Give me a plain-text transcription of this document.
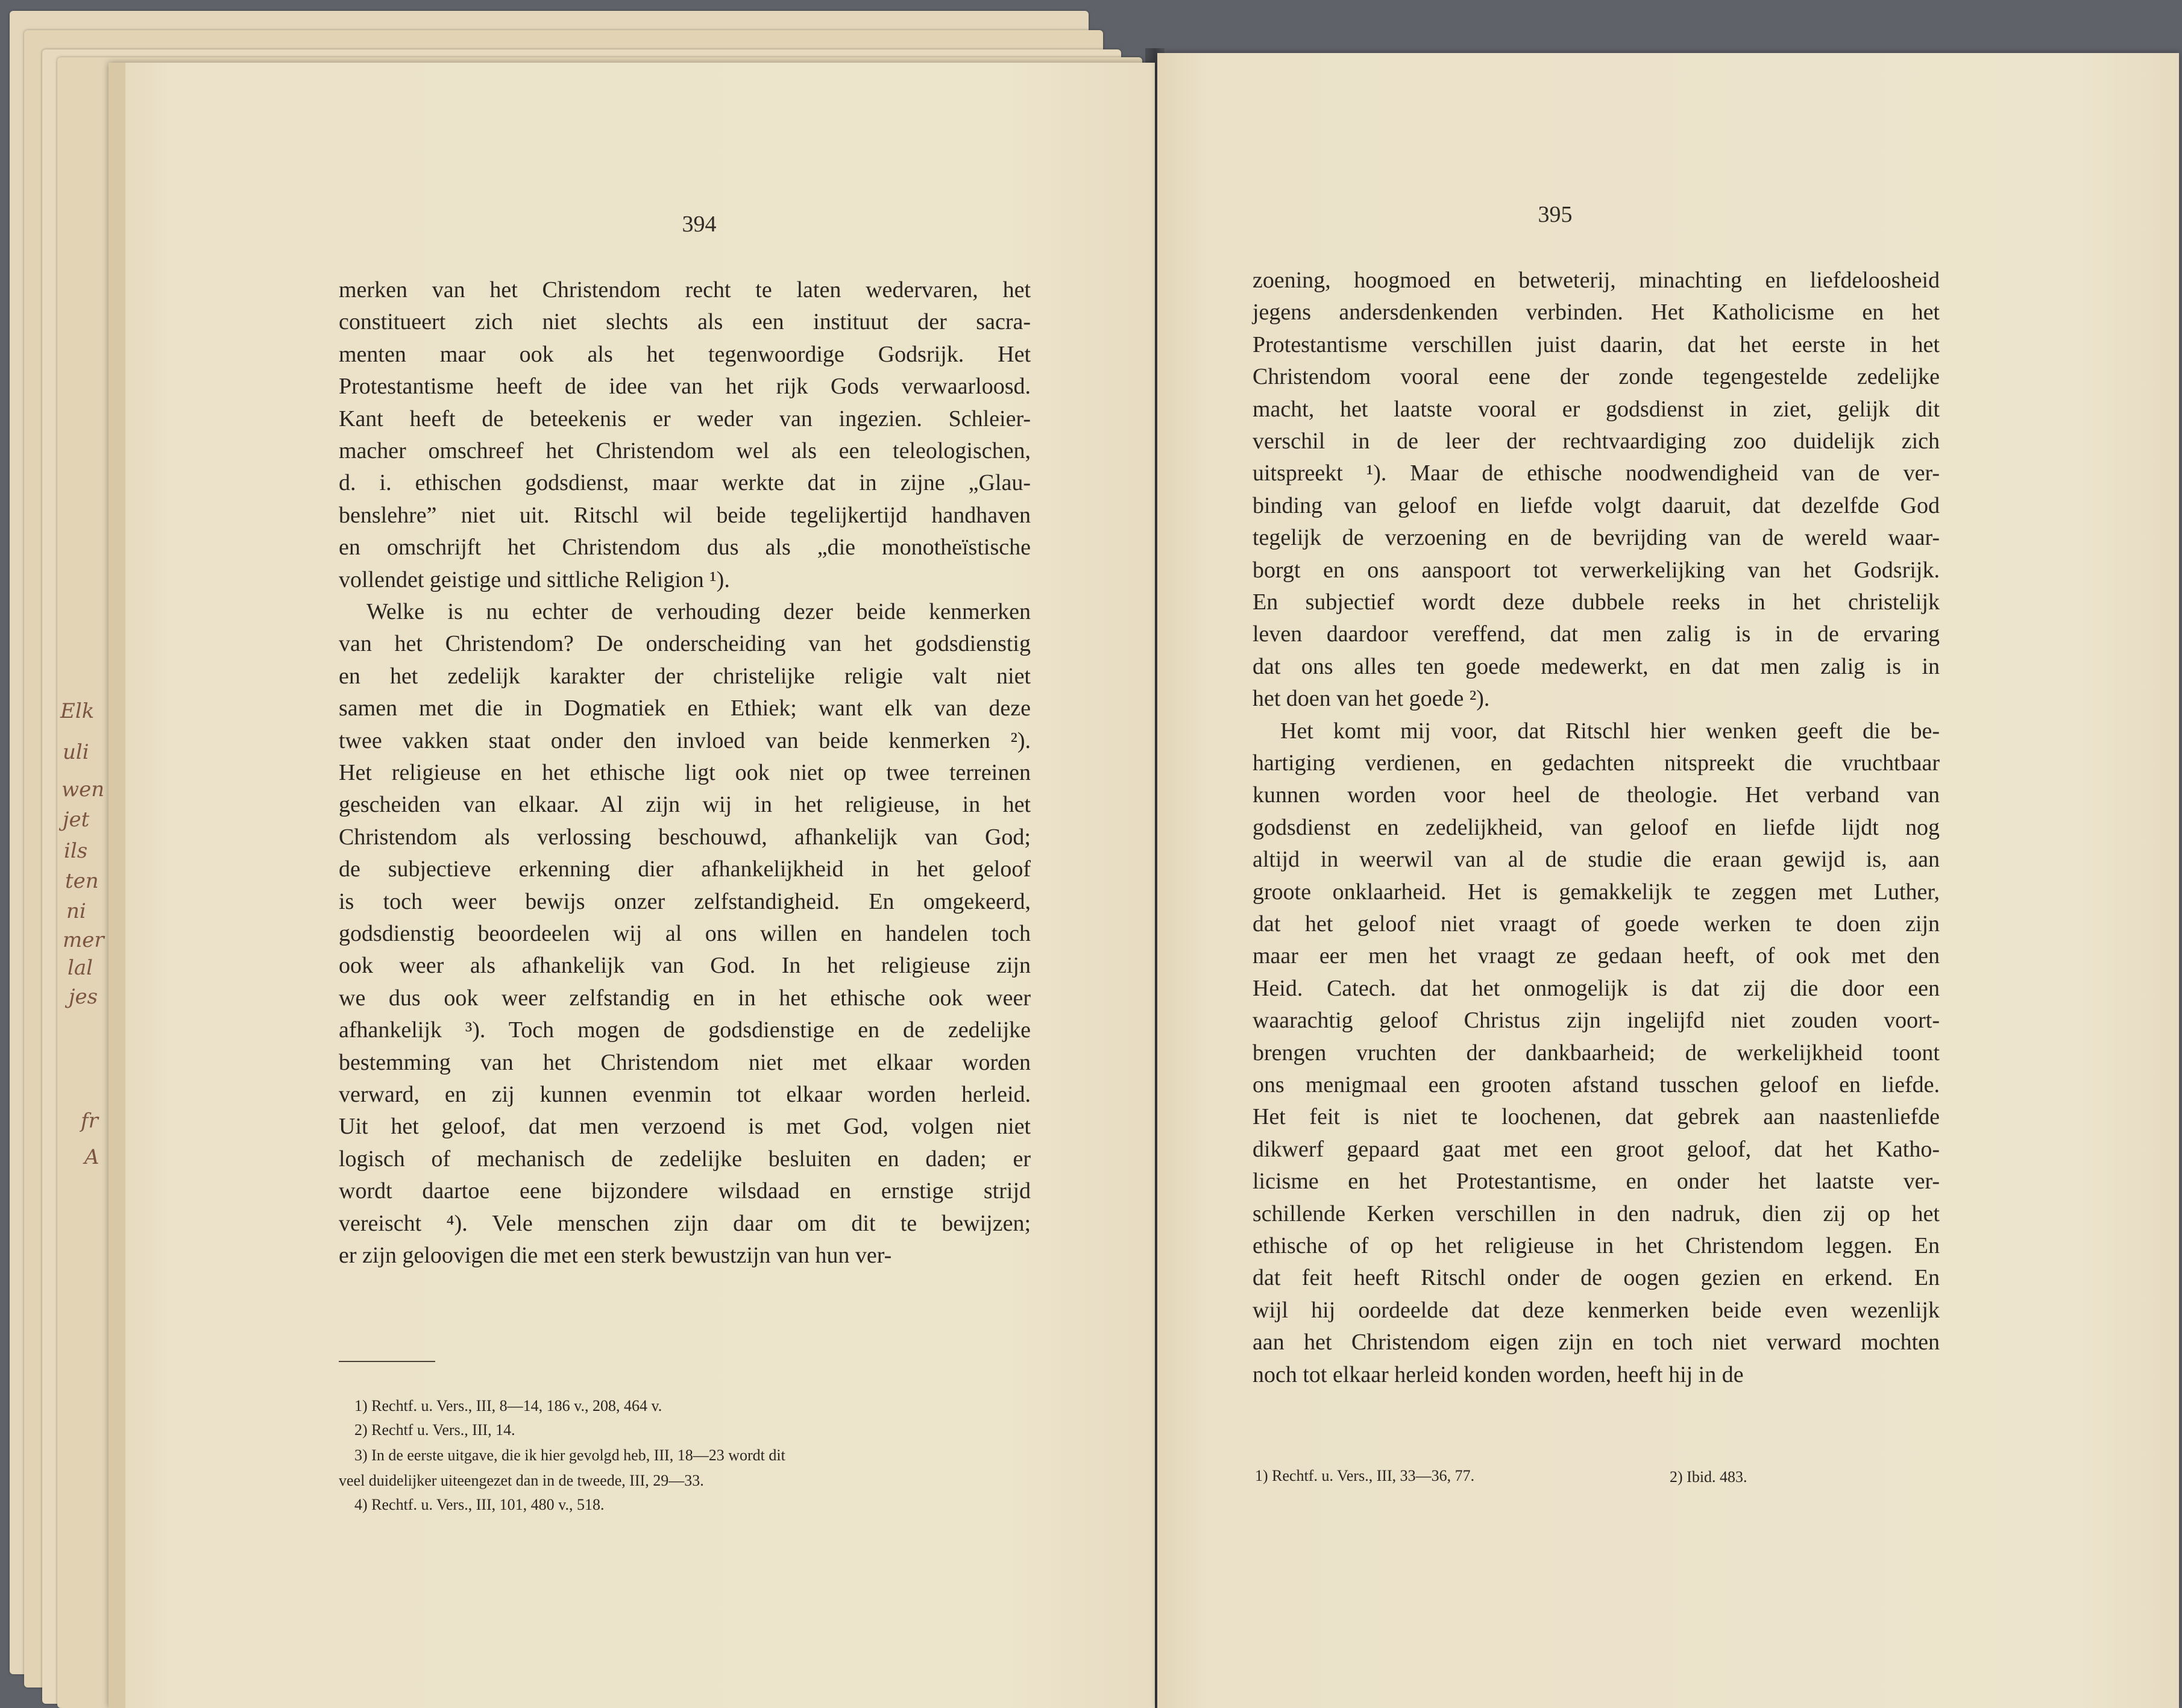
Elk
uli
wen
jet
ils
ten
ni
mer
lal
jes
fr
A
394
merken van het Christendom recht te laten wedervaren, het
constitueert zich niet slechts als een instituut der sacra-
menten maar ook als het tegenwoordige Godsrijk. Het
Protestantisme heeft de idee van het rijk Gods verwaarloosd.
Kant heeft de beteekenis er weder van ingezien. Schleier-
macher omschreef het Christendom wel als een teleologischen,
d. i. ethischen godsdienst, maar werkte dat in zijne „Glau-
benslehre” niet uit. Ritschl wil beide tegelijkertijd handhaven
en omschrijft het Christendom dus als „die monotheïstische
vollendet geistige und sittliche Religion ¹).
Welke is nu echter de verhouding dezer beide kenmerken
van het Christendom? De onderscheiding van het godsdienstig
en het zedelijk karakter der christelijke religie valt niet
samen met die in Dogmatiek en Ethiek; want elk van deze
twee vakken staat onder den invloed van beide kenmerken ²).
Het religieuse en het ethische ligt ook niet op twee terreinen
gescheiden van elkaar. Al zijn wij in het religieuse, in het
Christendom als verlossing beschouwd, afhankelijk van God;
de subjectieve erkenning dier afhankelijkheid in het geloof
is toch weer bewijs onzer zelfstandigheid. En omgekeerd,
godsdienstig beoordeelen wij al ons willen en handelen toch
ook weer als afhankelijk van God. In het religieuse zijn
we dus ook weer zelfstandig en in het ethische ook weer
afhankelijk ³). Toch mogen de godsdienstige en de zedelijke
bestemming van het Christendom niet met elkaar worden
verward, en zij kunnen evenmin tot elkaar worden herleid.
Uit het geloof, dat men verzoend is met God, volgen niet
logisch of mechanisch de zedelijke besluiten en daden; er
wordt daartoe eene bijzondere wilsdaad en ernstige strijd
vereischt ⁴). Vele menschen zijn daar om dit te bewijzen;
er zijn geloovigen die met een sterk bewustzijn van hun ver-
1) Rechtf. u. Vers., III, 8—14, 186 v., 208, 464 v.
2) Rechtf u. Vers., III, 14.
3) In de eerste uitgave, die ik hier gevolgd heb, III, 18—23 wordt dit
veel duidelijker uiteengezet dan in de tweede, III, 29—33.
4) Rechtf. u. Vers., III, 101, 480 v., 518.
395
zoening, hoogmoed en betweterij, minachting en liefdeloosheid
jegens andersdenkenden verbinden. Het Katholicisme en het
Protestantisme verschillen juist daarin, dat het eerste in het
Christendom vooral eene der zonde tegengestelde zedelijke
macht, het laatste vooral er godsdienst in ziet, gelijk dit
verschil in de leer der rechtvaardiging zoo duidelijk zich
uitspreekt ¹). Maar de ethische noodwendigheid van de ver-
binding van geloof en liefde volgt daaruit, dat dezelfde God
tegelijk de verzoening en de bevrijding van de wereld waar-
borgt en ons aanspoort tot verwerkelijking van het Godsrijk.
En subjectief wordt deze dubbele reeks in het christelijk
leven daardoor vereffend, dat men zalig is in de ervaring
dat ons alles ten goede medewerkt, en dat men zalig is in
het doen van het goede ²).
Het komt mij voor, dat Ritschl hier wenken geeft die be-
hartiging verdienen, en gedachten nitspreekt die vruchtbaar
kunnen worden voor heel de theologie. Het verband van
godsdienst en zedelijkheid, van geloof en liefde lijdt nog
altijd in weerwil van al de studie die eraan gewijd is, aan
groote onklaarheid. Het is gemakkelijk te zeggen met Luther,
dat het geloof niet vraagt of goede werken te doen zijn
maar eer men het vraagt ze gedaan heeft, of ook met den
Heid. Catech. dat het onmogelijk is dat zij die door een
waarachtig geloof Christus zijn ingelijfd niet zouden voort-
brengen vruchten der dankbaarheid; de werkelijkheid toont
ons menigmaal een grooten afstand tusschen geloof en liefde.
Het feit is niet te loochenen, dat gebrek aan naastenliefde
dikwerf gepaard gaat met een groot geloof, dat het Katho-
licisme en het Protestantisme, en onder het laatste ver-
schillende Kerken verschillen in den nadruk, dien zij op het
ethische of op het religieuse in het Christendom leggen. En
dat feit heeft Ritschl onder de oogen gezien en erkend. En
wijl hij oordeelde dat deze kenmerken beide even wezenlijk
aan het Christendom eigen zijn en toch niet verward mochten
noch tot elkaar herleid konden worden, heeft hij in de
1) Rechtf. u. Vers., III, 33—36, 77.	2) Ibid. 483.
